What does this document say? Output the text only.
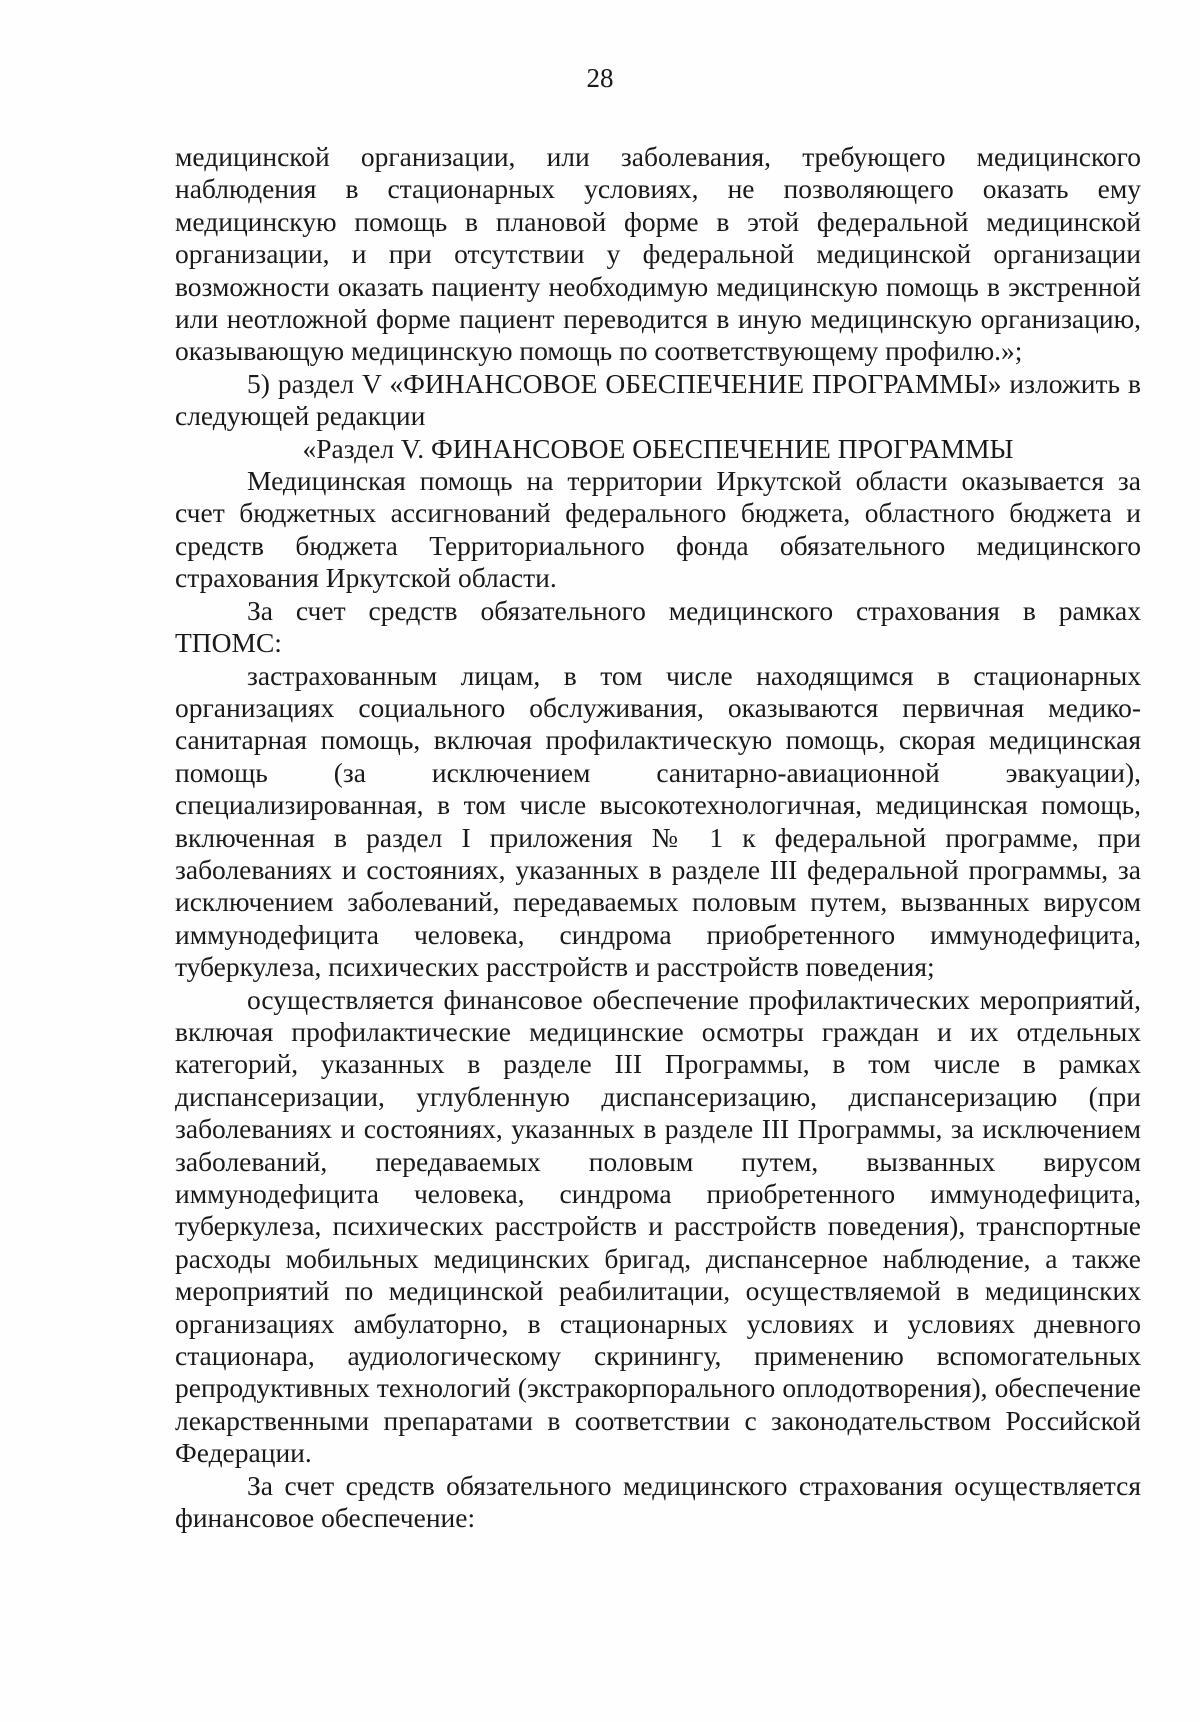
28

медицинской организации, или заболевания, требующего медицинского наблюдения в стационарных условиях, не позволяющего оказать ему медицинскую помощь в плановой форме в этой федеральной медицинской организации, и при отсутствии у федеральной медицинской организации возможности оказать пациенту необходимую медицинскую помощь в экстренной или неотложной форме пациент переводится в иную медицинскую организацию, оказывающую медицинскую помощь по соответствующему профилю.»;

5) раздел V «ФИНАНСОВОЕ ОБЕСПЕЧЕНИЕ ПРОГРАММЫ» изложить в следующей редакции

«Раздел V. ФИНАНСОВОЕ ОБЕСПЕЧЕНИЕ ПРОГРАММЫ

Медицинская помощь на территории Иркутской области оказывается за счет бюджетных ассигнований федерального бюджета, областного бюджета и средств бюджета Территориального фонда обязательного медицинского страхования Иркутской области.

За счет средств обязательного медицинского страхования в рамках ТПОМС:

застрахованным лицам, в том числе находящимся в стационарных организациях социального обслуживания, оказываются первичная медико-санитарная помощь, включая профилактическую помощь, скорая медицинская помощь (за исключением санитарно-авиационной эвакуации), специализированная, в том числе высокотехнологичная, медицинская помощь, включенная в раздел I приложения № 1 к федеральной программе, при заболеваниях и состояниях, указанных в разделе III федеральной программы, за исключением заболеваний, передаваемых половым путем, вызванных вирусом иммунодефицита человека, синдрома приобретенного иммунодефицита, туберкулеза, психических расстройств и расстройств поведения;

осуществляется финансовое обеспечение профилактических мероприятий, включая профилактические медицинские осмотры граждан и их отдельных категорий, указанных в разделе III Программы, в том числе в рамках диспансеризации, углубленную диспансеризацию, диспансеризацию (при заболеваниях и состояниях, указанных в разделе III Программы, за исключением заболеваний, передаваемых половым путем, вызванных вирусом иммунодефицита человека, синдрома приобретенного иммунодефицита, туберкулеза, психических расстройств и расстройств поведения), транспортные расходы мобильных медицинских бригад, диспансерное наблюдение, а также мероприятий по медицинской реабилитации, осуществляемой в медицинских организациях амбулаторно, в стационарных условиях и условиях дневного стационара, аудиологическому скринингу, применению вспомогательных репродуктивных технологий (экстракорпорального оплодотворения), обеспечение лекарственными препаратами в соответствии с законодательством Российской Федерации.

За счет средств обязательного медицинского страхования осуществляется финансовое обеспечение:
